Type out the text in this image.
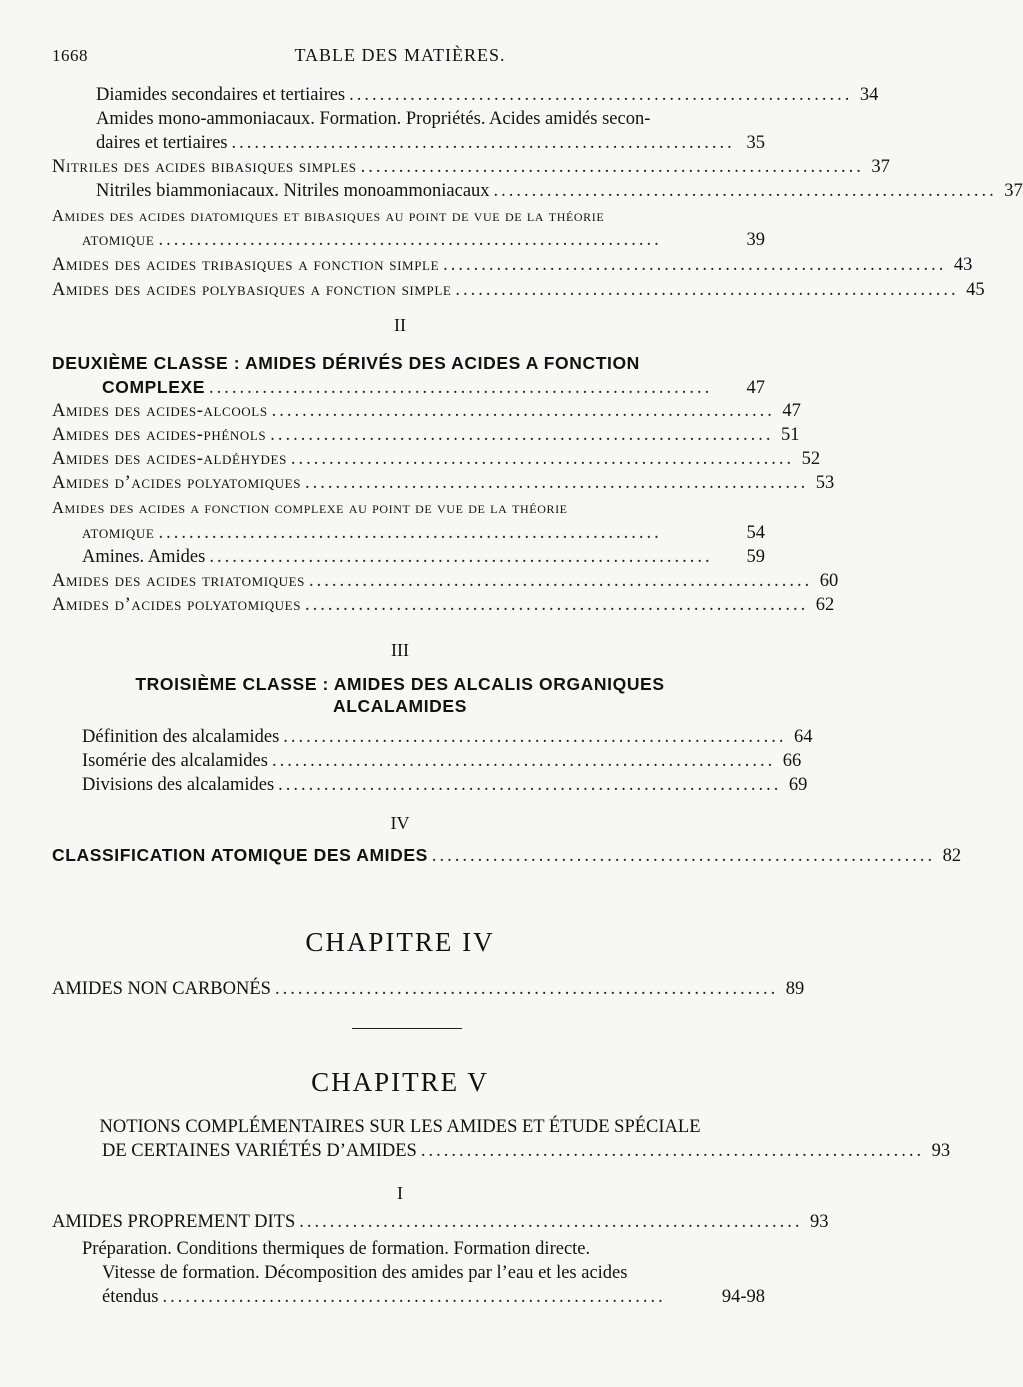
1668	TABLE DES MATIÈRES.
Diamides secondaires et tertiaires .................................................................. 34
Amides mono-ammoniacaux. Formation. Propriétés. Acides amidés secon-
daires et tertiaires .................................................................. 35
Nitriles des acides bibasiques simples .................................................................. 37
Nitriles biammoniacaux. Nitriles monoammoniacaux .................................................................. 37
Amides des acides diatomiques et bibasiques au point de vue de la théorie
atomique ..................................................................	39
Amides des acides tribasiques a fonction simple .................................................................. 43
Amides des acides polybasiques a fonction simple .................................................................. 45
II
DEUXIÈME CLASSE : AMIDES DÉRIVÉS DES ACIDES A FONCTION
COMPLEXE ..................................................................	47
Amides des acides-alcools .................................................................. 47
Amides des acides-phénols .................................................................. 51
Amides des acides-aldéhydes .................................................................. 52
Amides d’acides polyatomiques .................................................................. 53
Amides des acides a fonction complexe au point de vue de la théorie
atomique ..................................................................	54
Amines. Amides ..................................................................	59
Amides des acides triatomiques .................................................................. 60
Amides d’acides polyatomiques .................................................................. 62
III
TROISIÈME CLASSE : AMIDES DES ALCALIS ORGANIQUES
ALCALAMIDES
Définition des alcalamides .................................................................. 64
Isomérie des alcalamides .................................................................. 66
Divisions des alcalamides .................................................................. 69
IV
CLASSIFICATION ATOMIQUE DES AMIDES .................................................................. 82
CHAPITRE IV
AMIDES NON CARBONÉS .................................................................. 89
CHAPITRE V
NOTIONS COMPLÉMENTAIRES SUR LES AMIDES ET ÉTUDE SPÉCIALE
DE CERTAINES VARIÉTÉS D’AMIDES .................................................................. 93
I
AMIDES PROPREMENT DITS .................................................................. 93
Préparation. Conditions thermiques de formation. Formation directe.
Vitesse de formation. Décomposition des amides par l’eau et les acides
étendus ..................................................................	94-98
